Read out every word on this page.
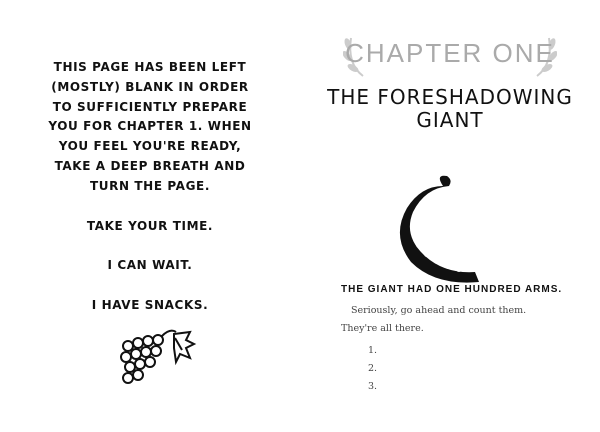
THIS PAGE HAS BEEN LEFT (MOSTLY) BLANK IN ORDER TO SUFFICIENTLY PREPARE YOU FOR CHAPTER 1. WHEN YOU FEEL YOU'RE READY, TAKE A DEEP BREATH AND TURN THE PAGE.

TAKE YOUR TIME.

I CAN WAIT.

I HAVE SNACKS.

CHAPTER ONE
THE FORESHADOWING GIANT
THE GIANT HAD ONE HUNDRED ARMS.
Seriously, go ahead and count them. They're all there.
1.
2.
3.
